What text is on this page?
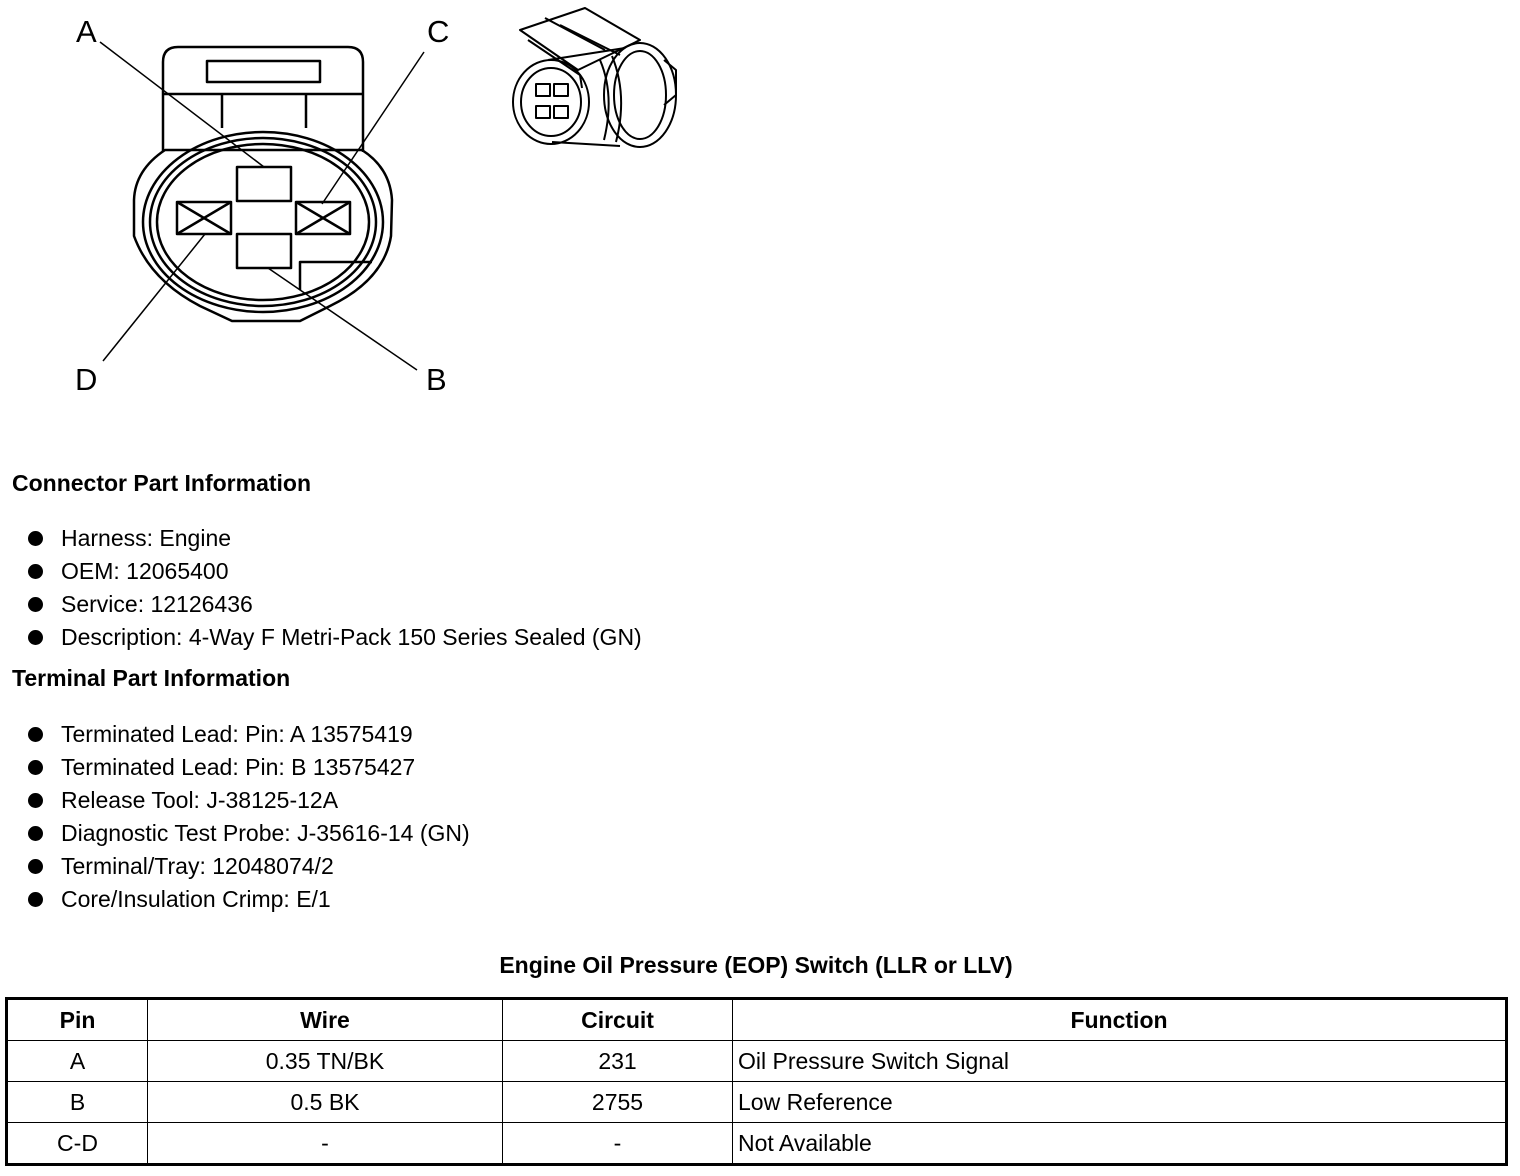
A	C
D	B
Connector Part Information
Harness: Engine
OEM: 12065400
Service: 12126436
Description: 4-Way F Metri-Pack 150 Series Sealed (GN)
Terminal Part Information
Terminated Lead: Pin: A 13575419
Terminated Lead: Pin: B 13575427
Release Tool: J-38125-12A
Diagnostic Test Probe: J-35616-14 (GN)
Terminal/Tray: 12048074/2
Core/Insulation Crimp: E/1
Engine Oil Pressure (EOP) Switch (LLR or LLV)
Pin	Wire	Circuit	Function
A	0.35 TN/BK	231	Oil Pressure Switch Signal
B	0.5 BK	2755	Low Reference
C-D	-	-	Not Available
